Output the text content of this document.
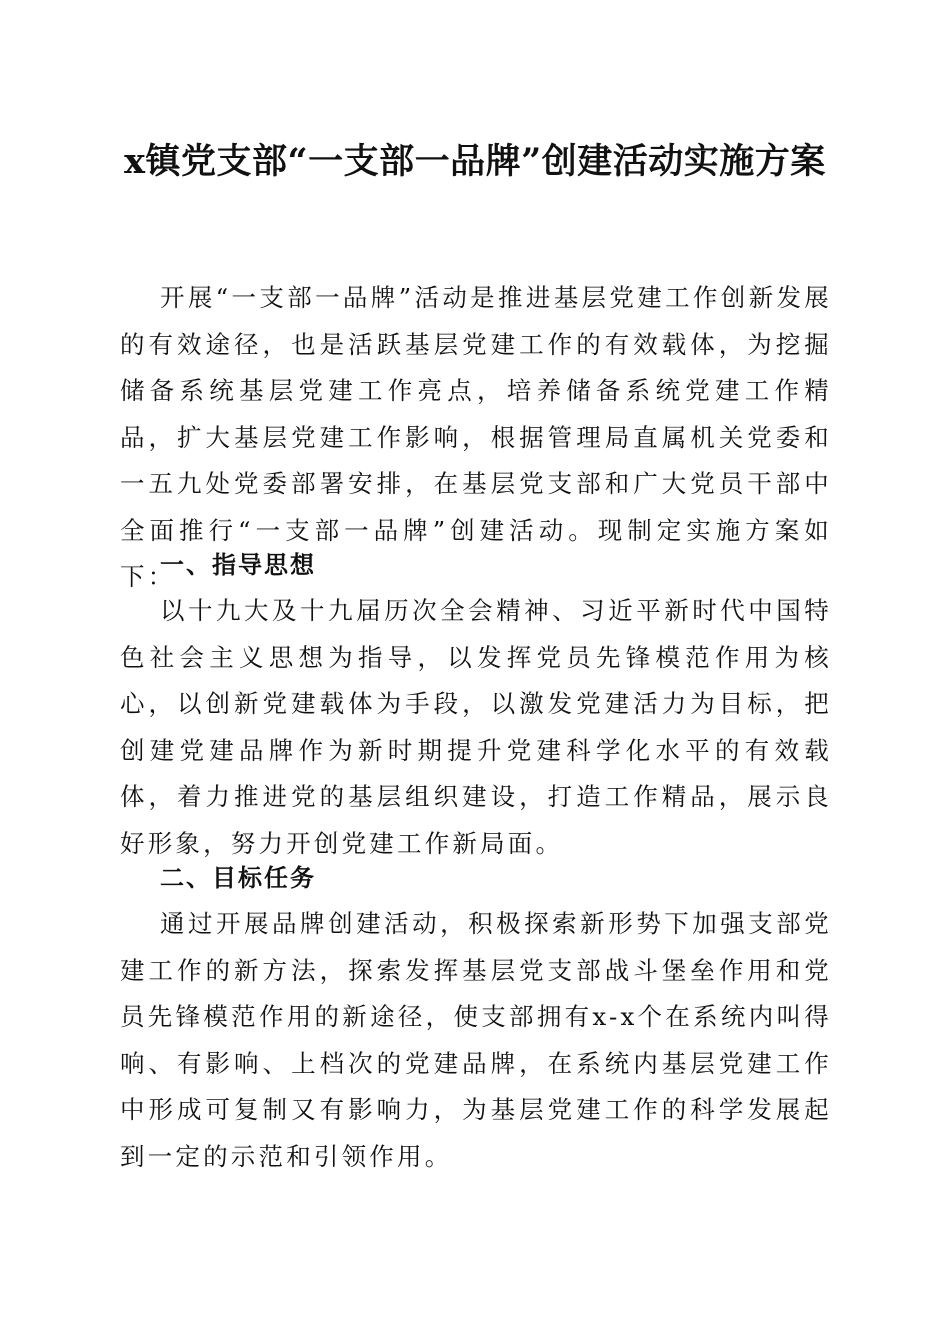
x镇党支部“一支部一品牌”创建活动实施方案

开展“一支部一品牌”活动是推进基层党建工作创新发展的有效途径，也是活跃基层党建工作的有效载体，为挖掘储备系统基层党建工作亮点，培养储备系统党建工作精品，扩大基层党建工作影响，根据管理局直属机关党委和一五九处党委部署安排，在基层党支部和广大党员干部中全面推行“一支部一品牌”创建活动。现制定实施方案如下：

一、指导思想

以十九大及十九届历次全会精神、习近平新时代中国特色社会主义思想为指导，以发挥党员先锋模范作用为核心，以创新党建载体为手段，以激发党建活力为目标，把创建党建品牌作为新时期提升党建科学化水平的有效载体，着力推进党的基层组织建设，打造工作精品，展示良好形象，努力开创党建工作新局面。

二、目标任务

通过开展品牌创建活动，积极探索新形势下加强支部党建工作的新方法，探索发挥基层党支部战斗堡垒作用和党员先锋模范作用的新途径，使支部拥有x-x个在系统内叫得响、有影响、上档次的党建品牌，在系统内基层党建工作中形成可复制又有影响力，为基层党建工作的科学发展起到一定的示范和引领作用。
